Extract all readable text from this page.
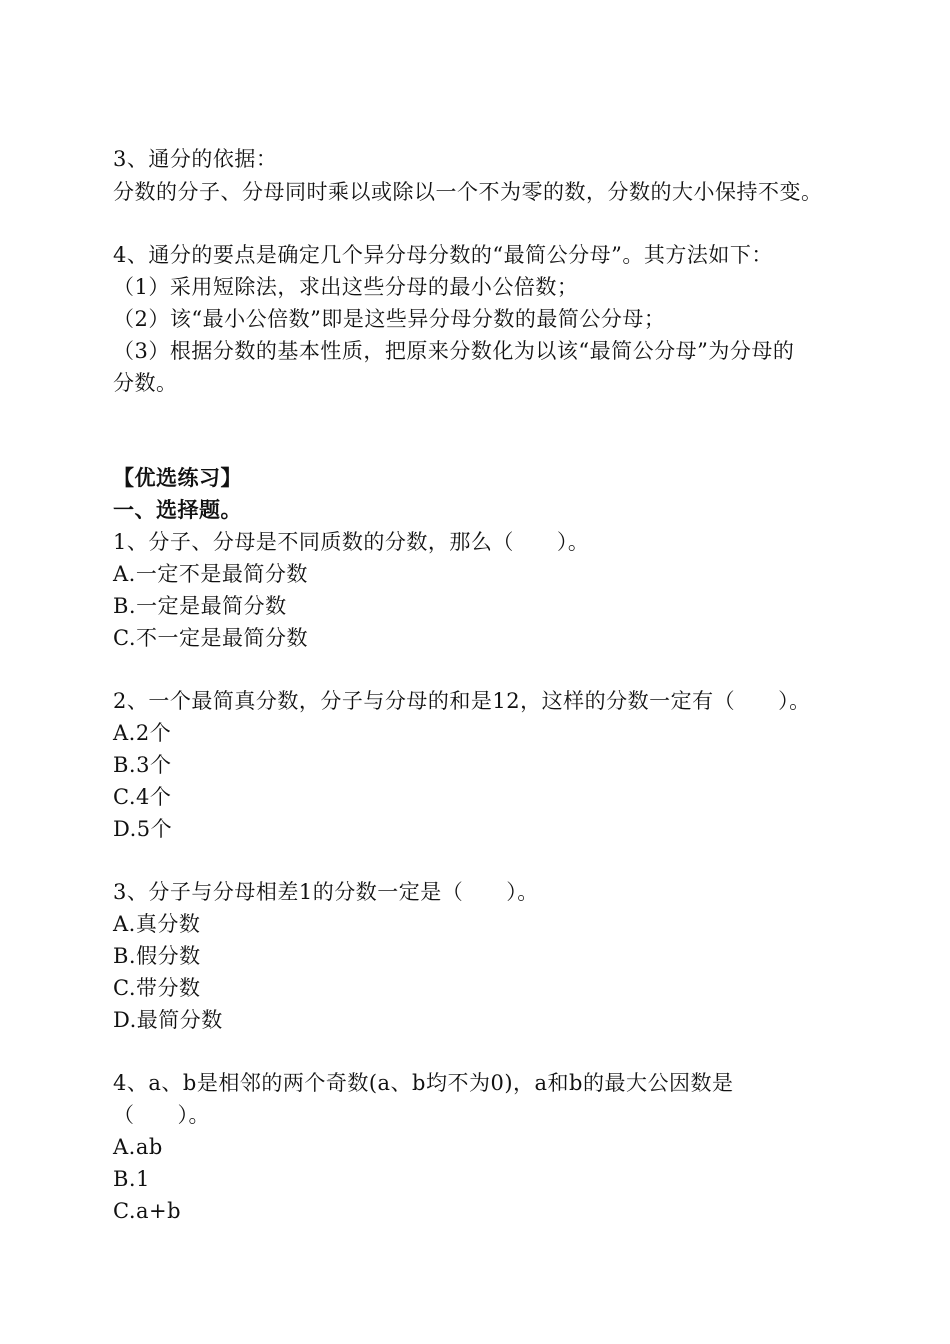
3、通分的依据：
分数的分子、分母同时乘以或除以一个不为零的数，分数的大小保持不变。
4、通分的要点是确定几个异分母分数的“最简公分母”。其方法如下：
（1）采用短除法，求出这些分母的最小公倍数；
（2）该“最小公倍数”即是这些异分母分数的最简公分母；
（3）根据分数的基本性质，把原来分数化为以该“最简公分母”为分母的
分数。
【优选练习】
一、选择题。
1、分子、分母是不同质数的分数，那么（　　）。
A.一定不是最简分数
B.一定是最简分数
C.不一定是最简分数
2、一个最简真分数，分子与分母的和是12，这样的分数一定有（　　）。
A.2个
B.3个
C.4个
D.5个
3、分子与分母相差1的分数一定是（　　）。
A.真分数
B.假分数
C.带分数
D.最简分数
4、a、b是相邻的两个奇数(a、b均不为0)，a和b的最大公因数是
（　　）。
A.ab
B.1
C.a+b
